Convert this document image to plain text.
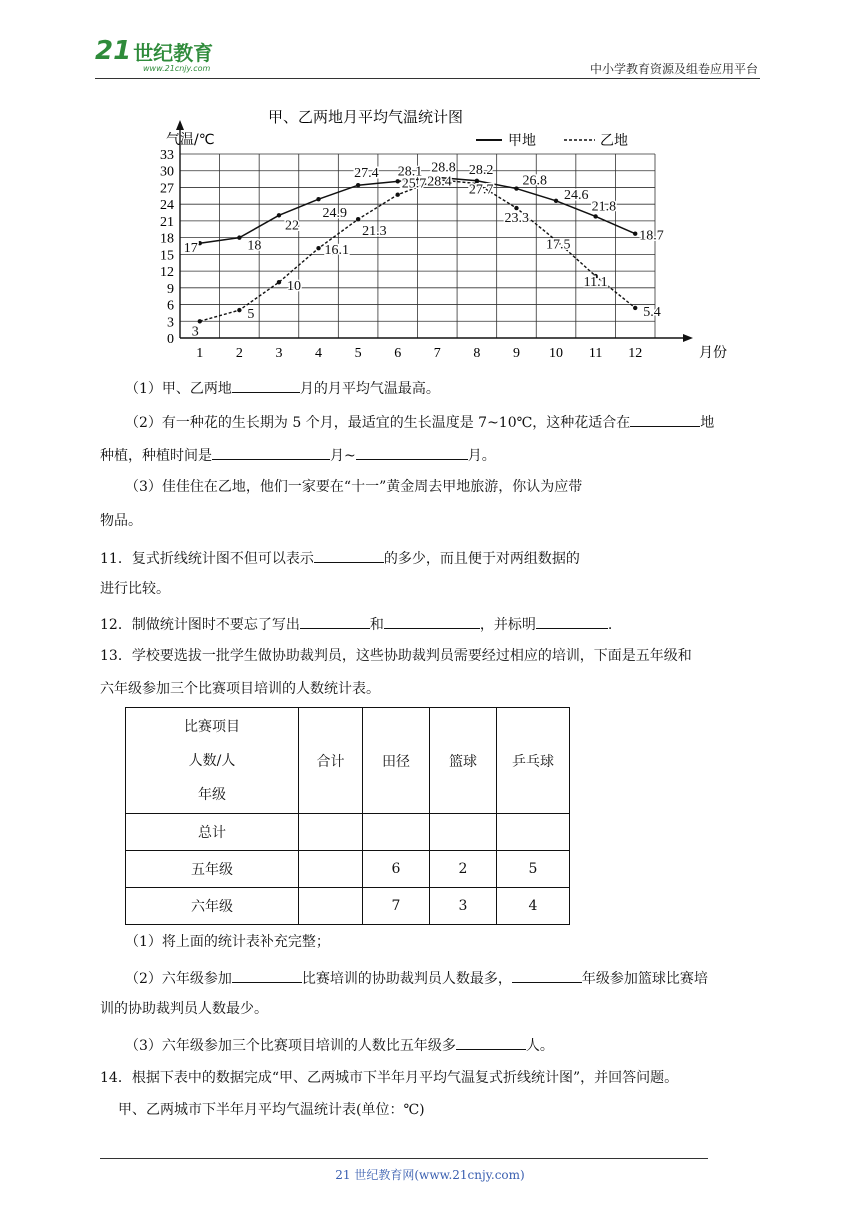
21 世纪教育
www.21cnjy.com	中小学教育资源及组卷应用平台
甲、乙两地月平均气温统计图
气温/℃	甲地	乙地
0
3
6
9
12
15
18
21
24
27
30
33
1 2 3 4 5 6 7 8 9 10 11 12	月份
17	18
22
24.9
27.4 28.1 28.8 28.2
26.8
24.6
21.8
18.7
3
5
10
16.1
21.3
25.7 28.4
27.7
23.3
17.5
11.1
5.4
（1）甲、乙两地	月的月平均气温最高。
（2）有一种花的生长期为 5 个月，最适宜的生长温度是 7~10℃，这种花适合在	地
种植，种植时间是	月~	月。
（3）佳佳住在乙地，他们一家要在“十一”黄金周去甲地旅游，你认为应带
物品。
11．复式折线统计图不但可以表示	的多少，而且便于对两组数据的
进行比较。
12．制做统计图时不要忘了写出	和	，并标明	.
13．学校要选拔一批学生做协助裁判员，这些协助裁判员需要经过相应的培训，下面是五年级和
六年级参加三个比赛项目培训的人数统计表。
比赛项目
人数/人
年级	合计	田径	篮球	乒乓球
总计				
五年级		6	2	5
六年级		7	3	4
（1）将上面的统计表补充完整；
（2）六年级参加	比赛培训的协助裁判员人数最多，	年级参加篮球比赛培
训的协助裁判员人数最少。
（3）六年级参加三个比赛项目培训的人数比五年级多	人。
14．根据下表中的数据完成“甲、乙两城市下半年月平均气温复式折线统计图”，并回答问题。
甲、乙两城市下半年月平均气温统计表(单位：℃)
21 世纪教育网(www.21cnjy.com)
